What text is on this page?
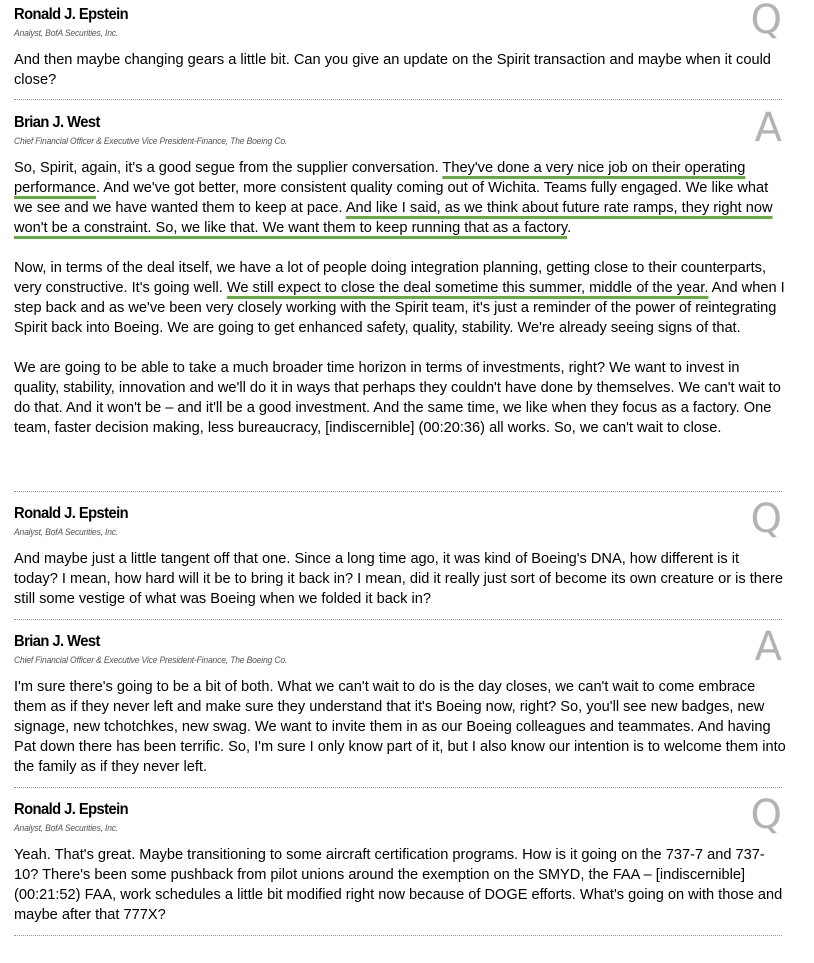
Ronald J. Epstein
Analyst, BofA Securities, Inc.	Q

And then maybe changing gears a little bit. Can you give an update on the Spirit transaction and maybe when it could close?

Brian J. West
Chief Financial Officer & Executive Vice President-Finance, The Boeing Co.	A

So, Spirit, again, it's a good segue from the supplier conversation. They've done a very nice job on their operating performance. And we've got better, more consistent quality coming out of Wichita. Teams fully engaged. We like what we see and we have wanted them to keep at pace. And like I said, as we think about future rate ramps, they right now won't be a constraint. So, we like that. We want them to keep running that as a factory.

Now, in terms of the deal itself, we have a lot of people doing integration planning, getting close to their counterparts, very constructive. It's going well. We still expect to close the deal sometime this summer, middle of the year. And when I step back and as we've been very closely working with the Spirit team, it's just a reminder of the power of reintegrating Spirit back into Boeing. We are going to get enhanced safety, quality, stability. We're already seeing signs of that.

We are going to be able to take a much broader time horizon in terms of investments, right? We want to invest in quality, stability, innovation and we'll do it in ways that perhaps they couldn't have done by themselves. We can't wait to do that. And it won't be – and it'll be a good investment. And the same time, we like when they focus as a factory. One team, faster decision making, less bureaucracy, [indiscernible] (00:20:36) all works. So, we can't wait to close.

Ronald J. Epstein
Analyst, BofA Securities, Inc.	Q

And maybe just a little tangent off that one. Since a long time ago, it was kind of Boeing's DNA, how different is it today? I mean, how hard will it be to bring it back in? I mean, did it really just sort of become its own creature or is there still some vestige of what was Boeing when we folded it back in?

Brian J. West
Chief Financial Officer & Executive Vice President-Finance, The Boeing Co.	A

I'm sure there's going to be a bit of both. What we can't wait to do is the day closes, we can't wait to come embrace them as if they never left and make sure they understand that it's Boeing now, right? So, you'll see new badges, new signage, new tchotchkes, new swag. We want to invite them in as our Boeing colleagues and teammates. And having Pat down there has been terrific. So, I'm sure I only know part of it, but I also know our intention is to welcome them into the family as if they never left.

Ronald J. Epstein
Analyst, BofA Securities, Inc.	Q

Yeah. That's great. Maybe transitioning to some aircraft certification programs. How is it going on the 737-7 and 737-10? There's been some pushback from pilot unions around the exemption on the SMYD, the FAA – [indiscernible] (00:21:52) FAA, work schedules a little bit modified right now because of DOGE efforts. What's going on with those and maybe after that 777X?
